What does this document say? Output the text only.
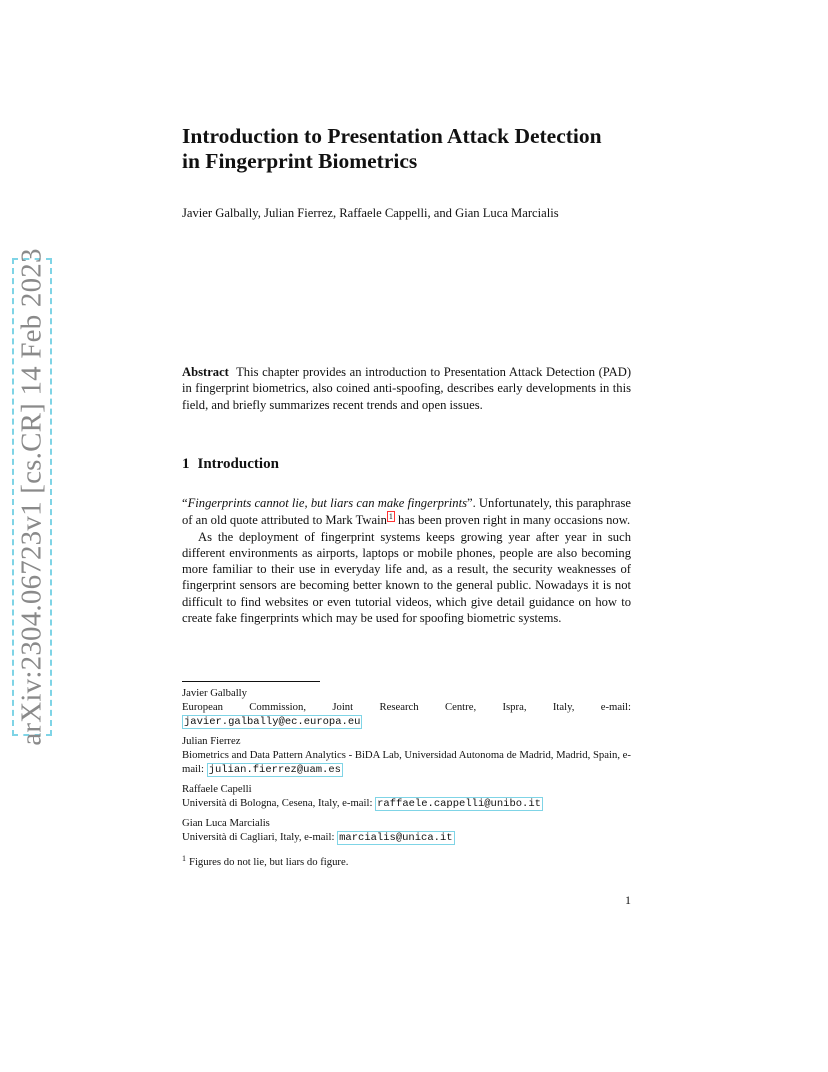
arXiv:2304.06723v1 [cs.CR] 14 Feb 2023
Introduction to Presentation Attack Detection
in Fingerprint Biometrics
Javier Galbally, Julian Fierrez, Raffaele Cappelli, and Gian Luca Marcialis
Abstract This chapter provides an introduction to Presentation Attack Detection (PAD) in fingerprint biometrics, also coined anti-spoofing, describes early developments in this field, and briefly summarizes recent trends and open issues.
1 Introduction

“Fingerprints cannot lie, but liars can make fingerprints”. Unfortunately, this paraphrase of an old quote attributed to Mark Twain 1 has been proven right in many occasions now.

As the deployment of fingerprint systems keeps growing year after year in such different environments as airports, laptops or mobile phones, people are also becoming more familiar to their use in everyday life and, as a result, the security weaknesses of fingerprint sensors are becoming better known to the general public. Nowadays it is not difficult to find websites or even tutorial videos, which give detail guidance on how to create fake fingerprints which may be used for spoofing biometric systems.

Javier Galbally
European Commission, Joint Research Centre, Ispra, Italy, e-mail:
javier.galbally@ec.europa.eu
Julian Fierrez
Biometrics and Data Pattern Analytics - BiDA Lab, Universidad Autonoma de Madrid, Madrid, Spain, e-mail: julian.fierrez@uam.es
Raffaele Capelli
Università di Bologna, Cesena, Italy, e-mail: raffaele.cappelli@unibo.it
Gian Luca Marcialis
Università di Cagliari, Italy, e-mail: marcialis@unica.it
$^1$ Figures do not lie, but liars do figure.
1
